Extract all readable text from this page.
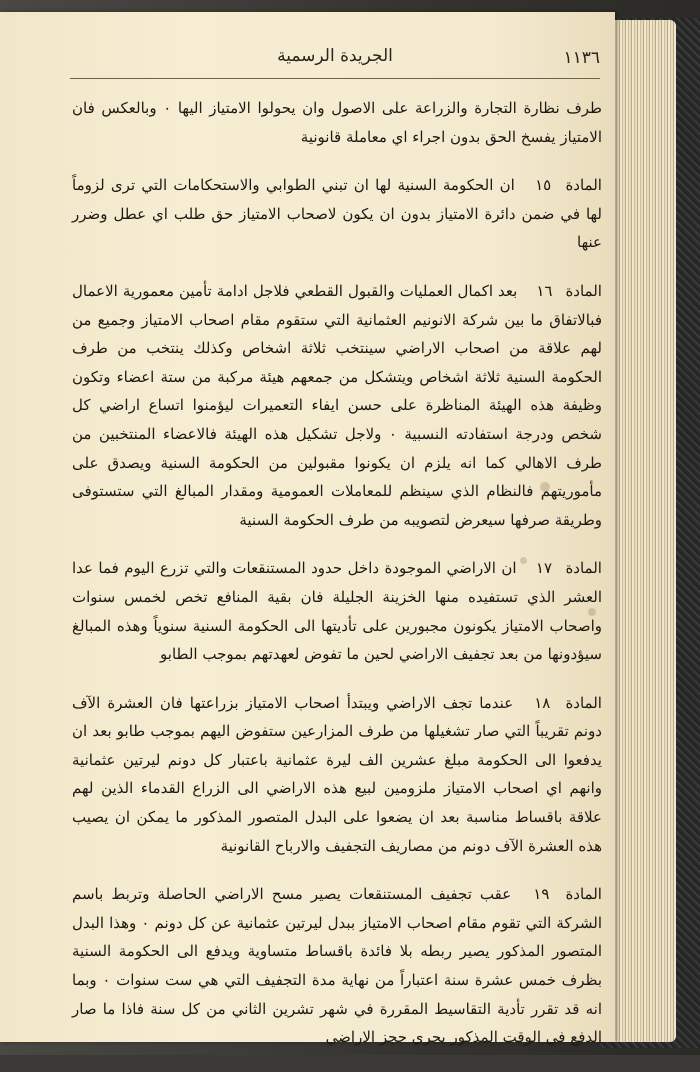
١١٣٦
الجريدة الرسمية

طرف نظارة التجارة والزراعة على الاصول وان يحولوا الامتياز اليها ٠ وبالعكس فان الامتياز يفسخ الحق بدون اجراء اي معاملة قانونية

المادة ١٥ ان الحكومة السنية لها ان تبني الطوابي والاستحكامات التي ترى لزوماً لها في ضمن دائرة الامتياز بدون ان يكون لاصحاب الامتياز حق طلب اي عطل وضرر عنها

المادة ١٦ بعد اكمال العمليات والقبول القطعي فلاجل ادامة تأمين معمورية الاعمال فبالاتفاق ما بين شركة الانونيم العثمانية التي ستقوم مقام اصحاب الامتياز وجميع من لهم علاقة من اصحاب الاراضي سينتخب ثلاثة اشخاص وكذلك ينتخب من طرف الحكومة السنية ثلاثة اشخاص ويتشكل من جمعهم هيئة مركبة من ستة اعضاء وتكون وظيفة هذه الهيئة المناظرة على حسن ايفاء التعميرات ليؤمنوا اتساع اراضي كل شخص ودرجة استفادته النسبية ٠ ولاجل تشكيل هذه الهيئة فالاعضاء المنتخبين من طرف الاهالي كما انه يلزم ان يكونوا مقبولين من الحكومة السنية ويصدق على مأموريتهم فالنظام الذي سينظم للمعاملات العمومية ومقدار المبالغ التي ستستوفى وطريقة صرفها سيعرض لتصويبه من طرف الحكومة السنية

المادة ١٧ ان الاراضي الموجودة داخل حدود المستنقعات والتي تزرع اليوم فما عدا العشر الذي تستفيده منها الخزينة الجليلة فان بقية المنافع تخص لخمس سنوات واصحاب الامتياز يكونون مجبورين على تأديتها الى الحكومة السنية سنوياً وهذه المبالغ سيؤدونها من بعد تجفيف الاراضي لحين ما تفوض لعهدتهم بموجب الطابو

المادة ١٨ عندما تجف الاراضي ويبتدأ اصحاب الامتياز بزراعتها فان العشرة الآف دونم تقريباً التي صار تشغيلها من طرف المزارعين ستفوض اليهم بموجب طابو بعد ان يدفعوا الى الحكومة مبلغ عشرين الف ليرة عثمانية باعتبار كل دونم ليرتين عثمانية وانهم اي اصحاب الامتياز ملزومين لبيع هذه الاراضي الى الزراع القدماء الذين لهم علاقة باقساط مناسبة بعد ان يضعوا على البدل المتصور المذكور ما يمكن ان يصيب هذه العشرة الآف دونم من مصاريف التجفيف والارباح القانونية

المادة ١٩ عقب تجفيف المستنقعات يصير مسح الاراضي الحاصلة وتربط باسم الشركة التي تقوم مقام اصحاب الامتياز ببدل ليرتين عثمانية عن كل دونم ٠ وهذا البدل المتصور المذكور يصير ربطه بلا فائدة باقساط متساوية ويدفع الى الحكومة السنية بظرف خمس عشرة سنة اعتباراً من نهاية مدة التجفيف التي هي ست سنوات ٠ وبما انه قد تقرر تأدية التقاسيط المقررة في شهر تشرين الثاني من كل سنة فاذا ما صار الدفع في الوقت المذكور يجري حجز الاراضي
